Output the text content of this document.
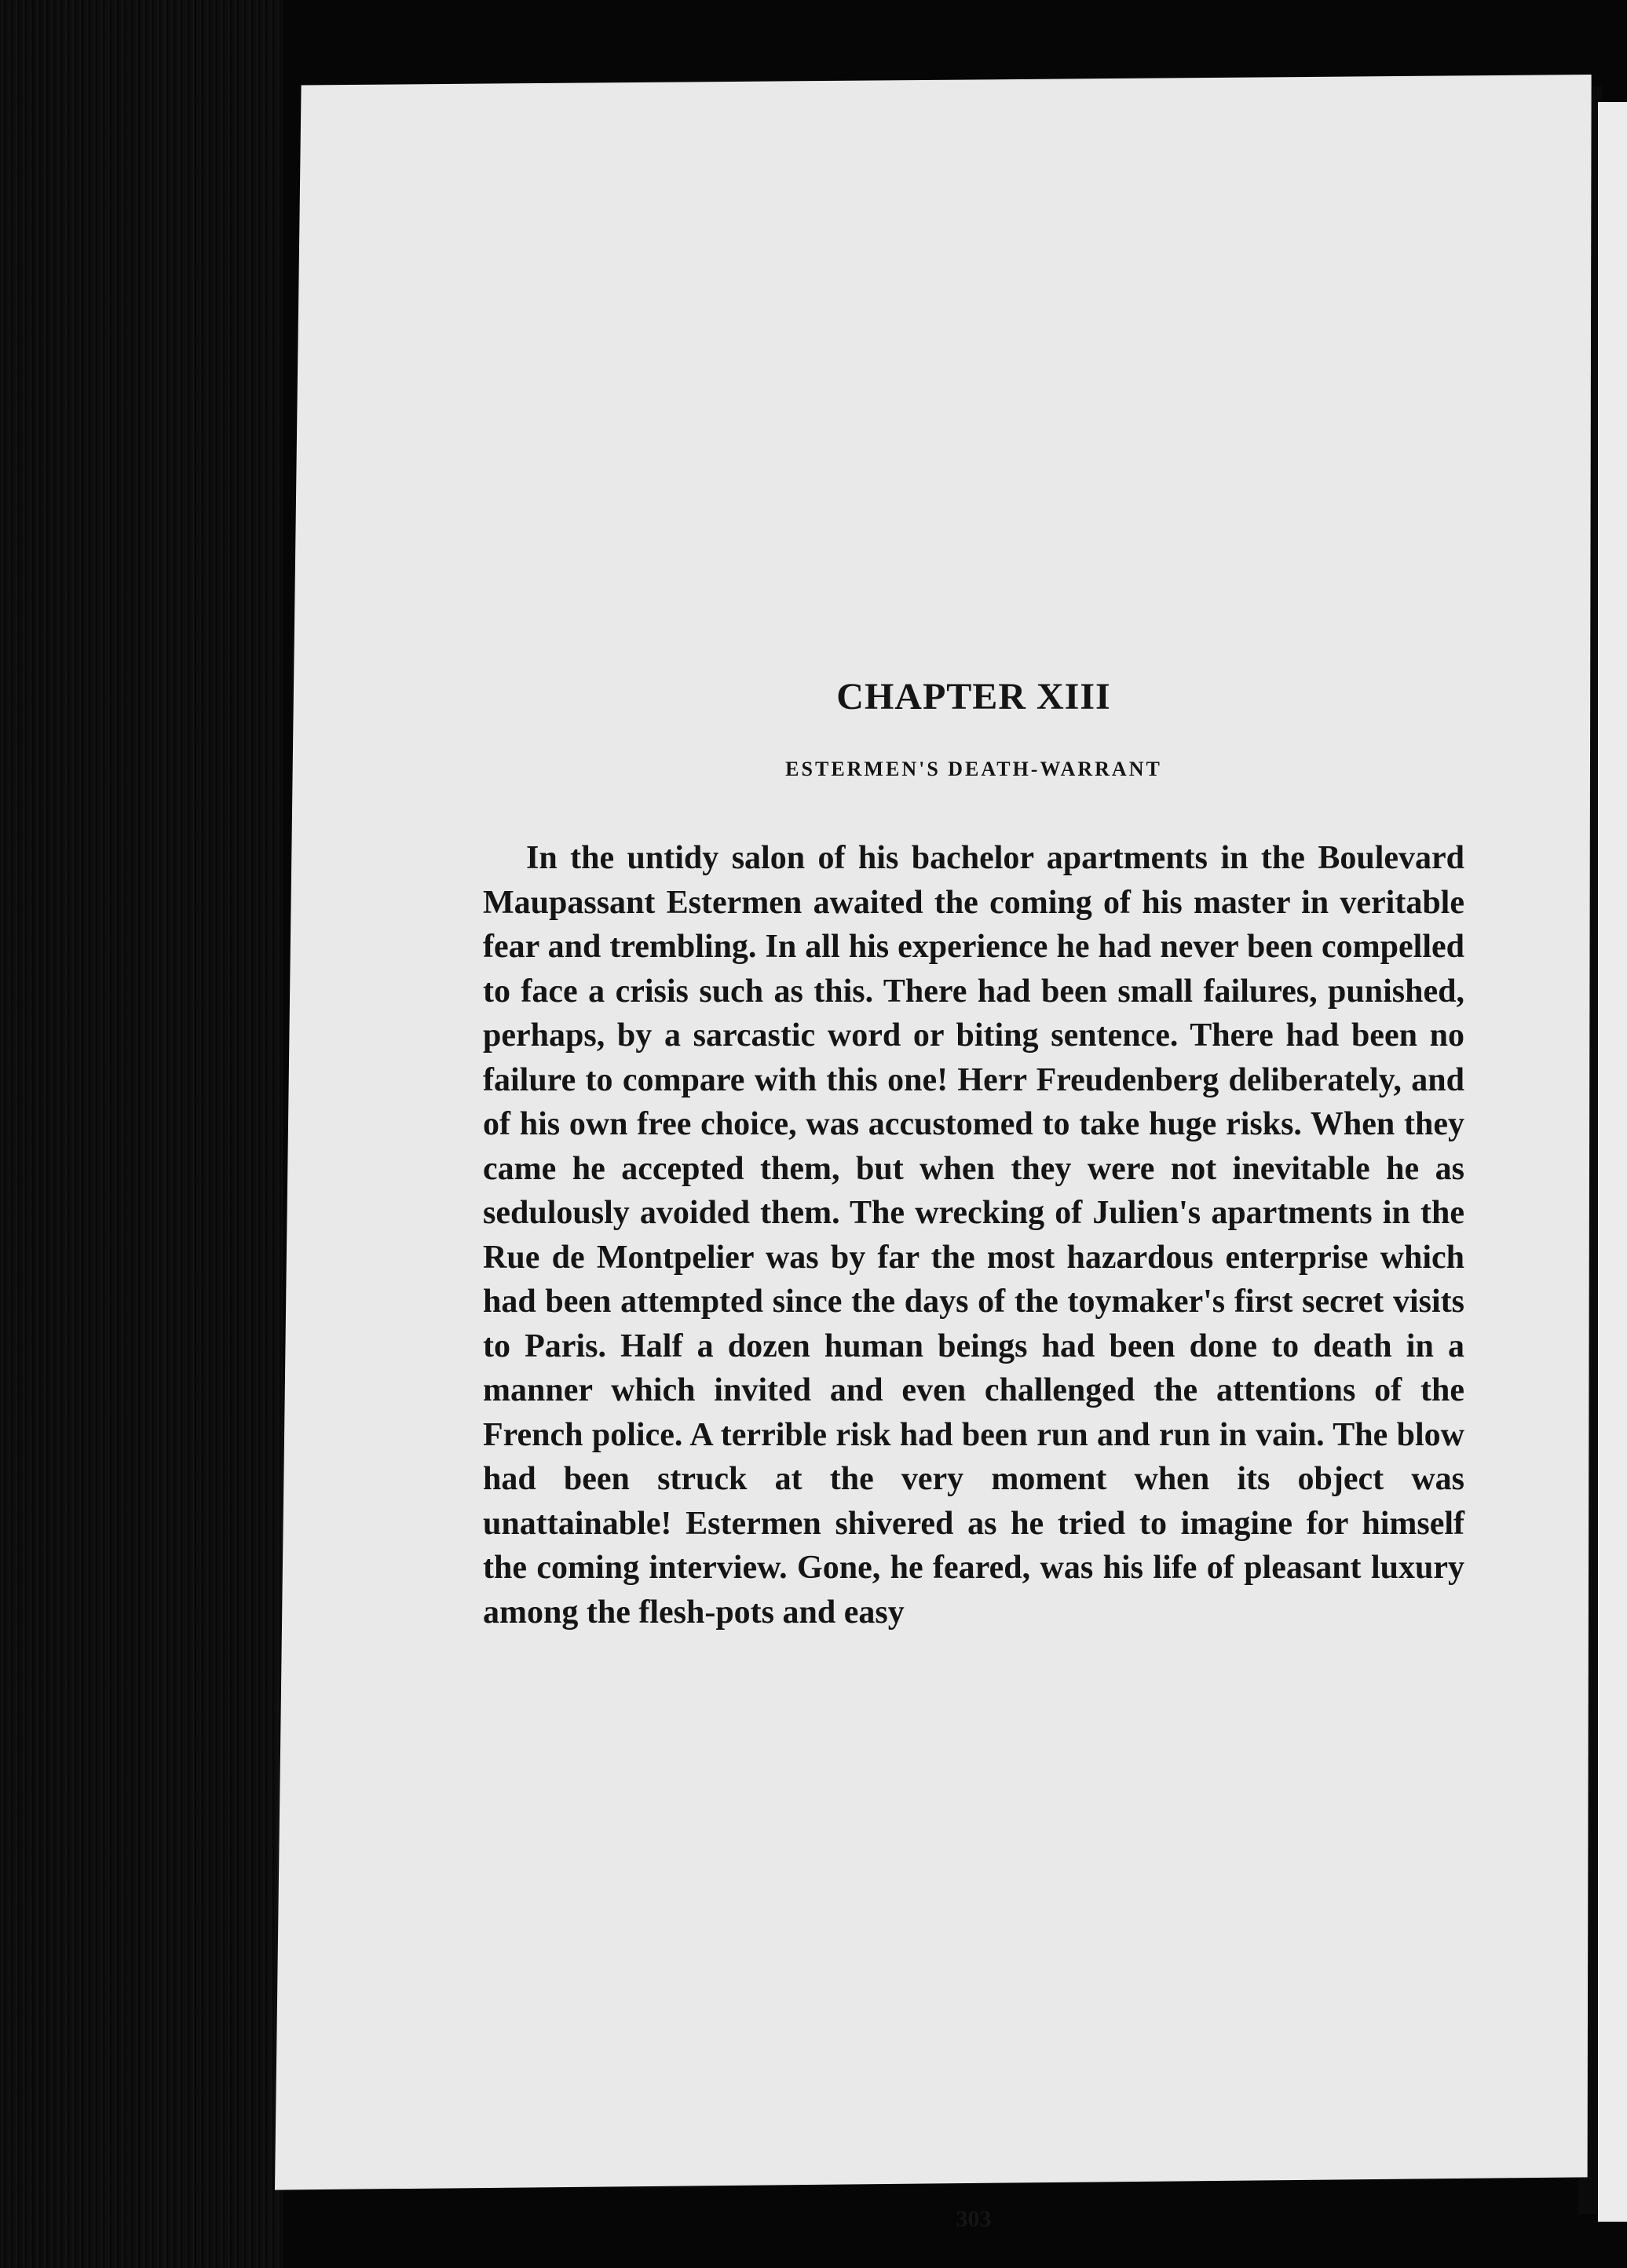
CHAPTER XIII
ESTERMEN'S DEATH-WARRANT

In the untidy salon of his bachelor apartments in the Boulevard Maupassant Estermen awaited the coming of his master in veritable fear and trembling. In all his experience he had never been compelled to face a crisis such as this. There had been small failures, punished, perhaps, by a sarcastic word or biting sentence. There had been no failure to compare with this one! Herr Freudenberg deliberately, and of his own free choice, was accustomed to take huge risks. When they came he accepted them, but when they were not inevitable he as sedulously avoided them. The wrecking of Julien's apartments in the Rue de Montpelier was by far the most hazardous enterprise which had been attempted since the days of the toymaker's first secret visits to Paris. Half a dozen human beings had been done to death in a manner which invited and even challenged the attentions of the French police. A terrible risk had been run and run in vain. The blow had been struck at the very moment when its object was unattainable! Estermen shivered as he tried to imagine for himself the coming interview. Gone, he feared, was his life of pleasant luxury among the flesh-pots and easy

303
